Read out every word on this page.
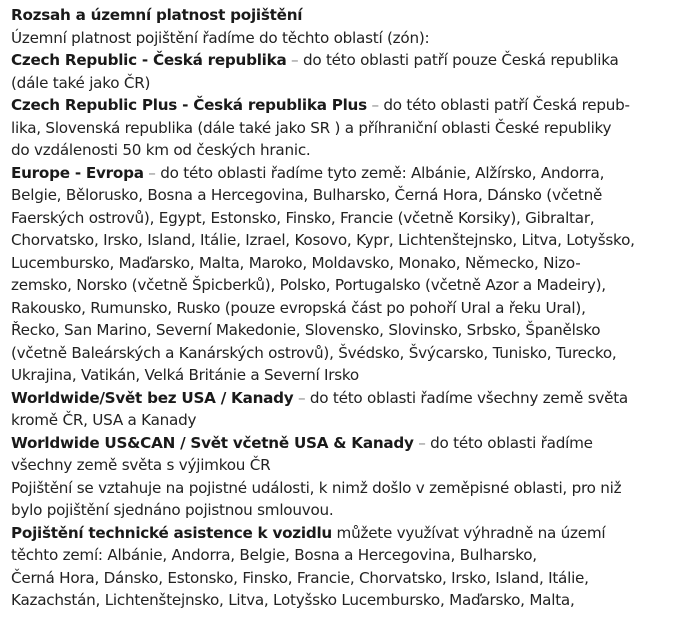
Rozsah a územní platnost pojištění
Územní platnost pojištění řadíme do těchto oblastí (zón):
Czech Republic - Česká republika – do této oblasti patří pouze Česká republika
(dále také jako ČR)
Czech Republic Plus - Česká republika Plus – do této oblasti patří Česká repub-
lika, Slovenská republika (dále také jako SR ) a příhraniční oblasti České republiky
do vzdálenosti 50 km od českých hranic.
Europe - Evropa – do této oblasti řadíme tyto země: Albánie, Alžírsko, Andorra,
Belgie, Bělorusko, Bosna a Hercegovina, Bulharsko, Černá Hora, Dánsko (včetně
Faerských ostrovů), Egypt, Estonsko, Finsko, Francie (včetně Korsiky), Gibraltar,
Chorvatsko, Irsko, Island, Itálie, Izrael, Kosovo, Kypr, Lichtenštejnsko, Litva, Lotyšsko,
Lucembursko, Maďarsko, Malta, Maroko, Moldavsko, Monako, Německo, Nizo-
zemsko, Norsko (včetně Špicberků), Polsko, Portugalsko (včetně Azor a Madeiry),
Rakousko, Rumunsko, Rusko (pouze evropská část po pohoří Ural a řeku Ural),
Řecko, San Marino, Severní Makedonie, Slovensko, Slovinsko, Srbsko, Španělsko
(včetně Baleárských a Kanárských ostrovů), Švédsko, Švýcarsko, Tunisko, Turecko,
Ukrajina, Vatikán, Velká Británie a Severní Irsko
Worldwide/Svět bez USA / Kanady – do této oblasti řadíme všechny země světa
kromě ČR, USA a Kanady
Worldwide US&CAN / Svět včetně USA & Kanady – do této oblasti řadíme
všechny země světa s výjimkou ČR
Pojištění se vztahuje na pojistné události, k nimž došlo v zeměpisné oblasti, pro niž
bylo pojištění sjednáno pojistnou smlouvou.
Pojištění technické asistence k vozidlu můžete využívat výhradně na území
těchto zemí: Albánie, Andorra, Belgie, Bosna a Hercegovina, Bulharsko,
Černá Hora, Dánsko, Estonsko, Finsko, Francie, Chorvatsko, Irsko, Island, Itálie,
Kazachstán, Lichtenštejnsko, Litva, Lotyšsko Lucembursko, Maďarsko, Malta,
